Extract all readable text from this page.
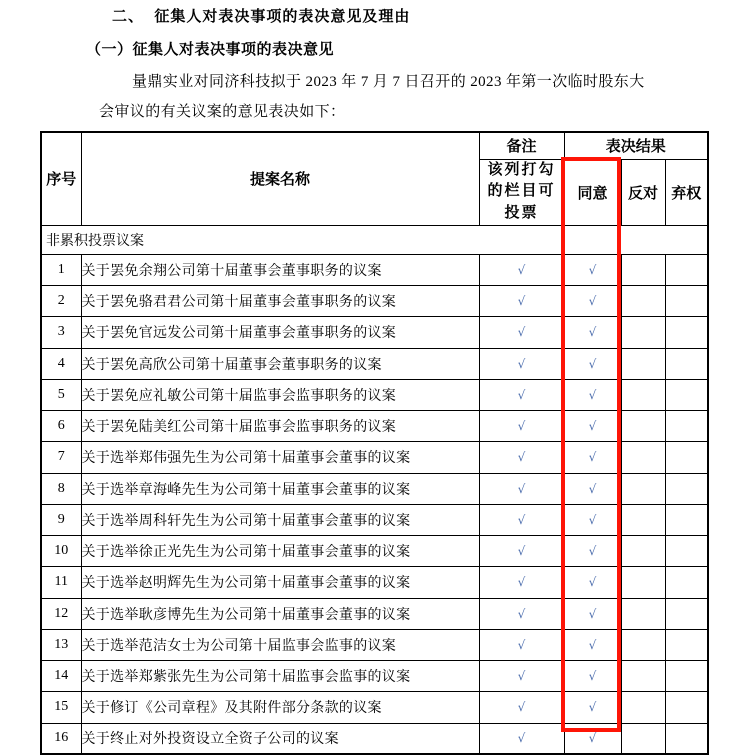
二、  征集人对表决事项的表决意见及理由
（一）征集人对表决事项的表决意见
量鼎实业对同济科技拟于 2023 年 7 月 7 日召开的 2023 年第一次临时股东大
会审议的有关议案的意见表决如下：
序号	提案名称	备注	表决结果		
		该列打勾的栏目可投票	同意	反对	弃权
非累积投票议案					
1	关于罢免余翔公司第十届董事会董事职务的议案	√	√		
2	关于罢免骆君君公司第十届董事会董事职务的议案	√	√		
3	关于罢免官远发公司第十届董事会董事职务的议案	√	√		
4	关于罢免高欣公司第十届董事会董事职务的议案	√	√		
5	关于罢免应礼敏公司第十届监事会监事职务的议案	√	√		
6	关于罢免陆美红公司第十届监事会监事职务的议案	√	√		
7	关于选举郑伟强先生为公司第十届董事会董事的议案	√	√		
8	关于选举章海峰先生为公司第十届董事会董事的议案	√	√		
9	关于选举周科轩先生为公司第十届董事会董事的议案	√	√		
10	关于选举徐正光先生为公司第十届董事会董事的议案	√	√		
11	关于选举赵明辉先生为公司第十届董事会董事的议案	√	√		
12	关于选举耿彦博先生为公司第十届董事会董事的议案	√	√		
13	关于选举范洁女士为公司第十届监事会监事的议案	√	√		
14	关于选举郑紫张先生为公司第十届监事会监事的议案	√	√		
15	关于修订《公司章程》及其附件部分条款的议案	√	√		
16	关于终止对外投资设立全资子公司的议案	√	√		
